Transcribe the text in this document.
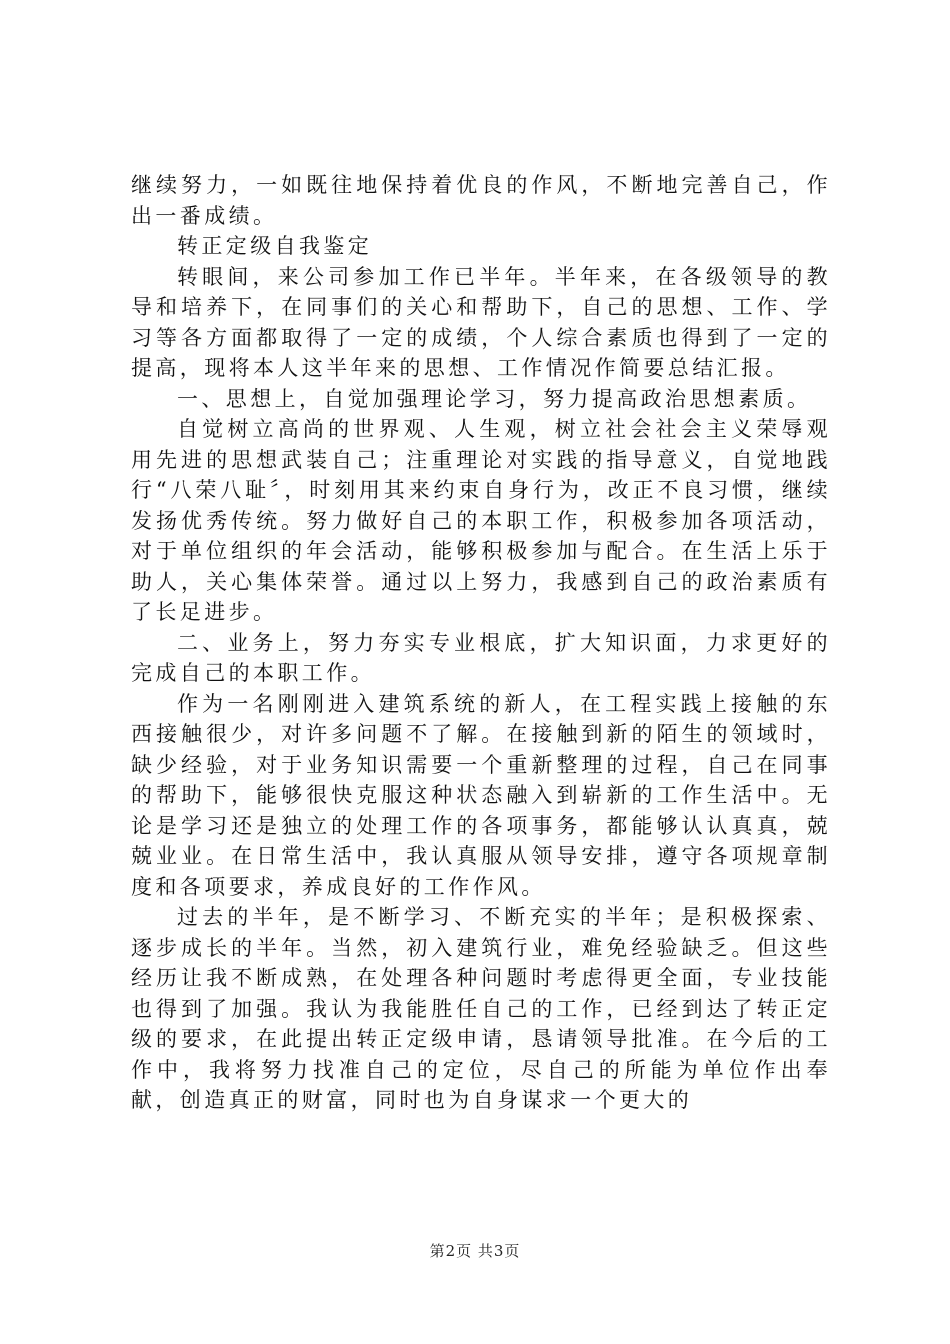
继续努力，一如既往地保持着优良的作风，不断地完善自己，作出一番成绩。

转正定级自我鉴定

转眼间，来公司参加工作已半年。半年来，在各级领导的教导和培养下，在同事们的关心和帮助下，自己的思想、工作、学习等各方面都取得了一定的成绩，个人综合素质也得到了一定的提高，现将本人这半年来的思想、工作情况作简要总结汇报。

一、思想上，自觉加强理论学习，努力提高政治思想素质。

自觉树立高尚的世界观、人生观，树立社会社会主义荣辱观用先进的思想武装自己；注重理论对实践的指导意义，自觉地践行“八荣八耻〞，时刻用其来约束自身行为，改正不良习惯，继续发扬优秀传统。努力做好自己的本职工作，积极参加各项活动，对于单位组织的年会活动，能够积极参加与配合。在生活上乐于助人，关心集体荣誉。通过以上努力，我感到自己的政治素质有了长足进步。

二、业务上，努力夯实专业根底，扩大知识面，力求更好的完成自己的本职工作。

作为一名刚刚进入建筑系统的新人，在工程实践上接触的东西接触很少，对许多问题不了解。在接触到新的陌生的领域时，缺少经验，对于业务知识需要一个重新整理的过程，自己在同事的帮助下，能够很快克服这种状态融入到崭新的工作生活中。无论是学习还是独立的处理工作的各项事务，都能够认认真真，兢兢业业。在日常生活中，我认真服从领导安排，遵守各项规章制度和各项要求，养成良好的工作作风。

过去的半年，是不断学习、不断充实的半年；是积极探索、逐步成长的半年。当然，初入建筑行业，难免经验缺乏。但这些经历让我不断成熟，在处理各种问题时考虑得更全面，专业技能也得到了加强。我认为我能胜任自己的工作，已经到达了转正定级的要求，在此提出转正定级申请，恳请领导批准。在今后的工作中，我将努力找准自己的定位，尽自己的所能为单位作出奉献，创造真正的财富，同时也为自身谋求一个更大的

第2页 共3页
